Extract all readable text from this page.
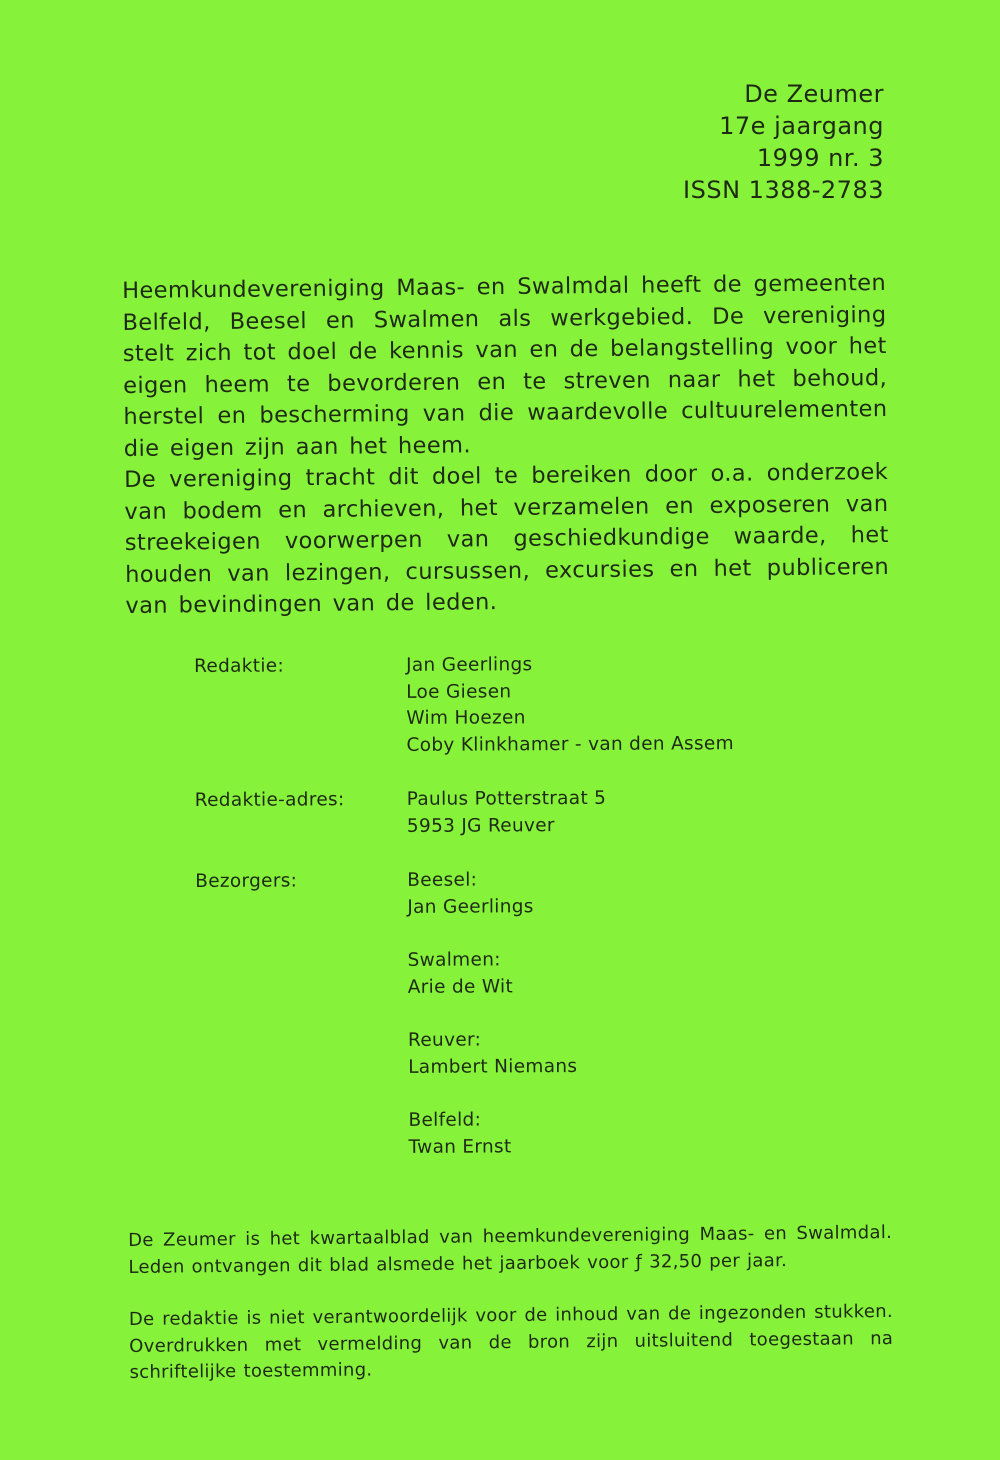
De Zeumer
17e jaargang
1999 nr. 3
ISSN 1388-2783

Heemkundevereniging Maas- en Swalmdal heeft de gemeenten Belfeld, Beesel en Swalmen als werkgebied. De vereniging stelt zich tot doel de kennis van en de belangstelling voor het eigen heem te bevorderen en te streven naar het behoud, herstel en bescherming van die waardevolle cultuurelementen die eigen zijn aan het heem.

De vereniging tracht dit doel te bereiken door o.a. onderzoek van bodem en archieven, het verzamelen en exposeren van streekeigen voorwerpen van geschiedkundige waarde, het houden van lezingen, cursussen, excursies en het publiceren van bevindingen van de leden.

Redaktie:	Jan Geerlings
Loe Giesen
Wim Hoezen
Coby Klinkhamer - van den Assem
Redaktie-adres:	Paulus Potterstraat 5
5953 JG Reuver
Bezorgers:	Beesel:
Jan Geerlings
Swalmen:
Arie de Wit
Reuver:
Lambert Niemans
Belfeld:
Twan Ernst

De Zeumer is het kwartaalblad van heemkundevereniging Maas- en Swalmdal. Leden ontvangen dit blad alsmede het jaarboek voor ƒ 32,50 per jaar.

De redaktie is niet verantwoordelijk voor de inhoud van de ingezonden stukken. Overdrukken met vermelding van de bron zijn uitsluitend toegestaan na schriftelijke toestemming.
